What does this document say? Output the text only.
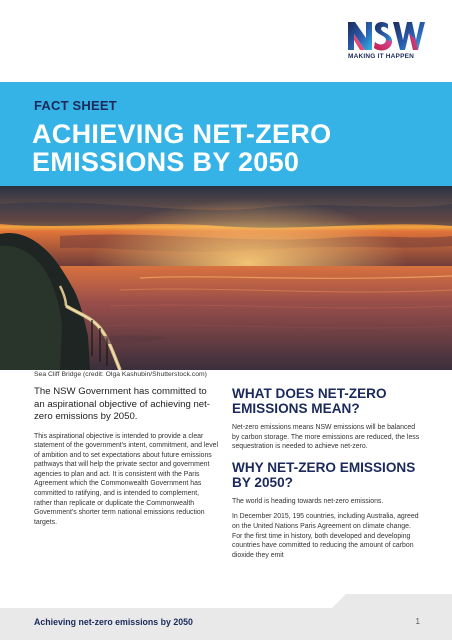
MAKING IT HAPPEN
FACT SHEET
ACHIEVING NET-ZERO
EMISSIONS BY 2050
Sea Cliff Bridge (credit: Olga Kashubin/Shutterstock.com)

The NSW Government has committed to an aspirational objective of achieving net-zero emissions by 2050.

This aspirational objective is intended to provide a clear statement of the government's intent, commitment, and level of ambition and to set expectations about future emissions pathways that will help the private sector and government agencies to plan and act. It is consistent with the Paris Agreement which the Commonwealth Government has committed to ratifying, and is intended to complement, rather than replicate or duplicate the Commonwealth Government's shorter term national emissions reduction targets.

WHAT DOES NET-ZERO EMISSIONS MEAN?

Net-zero emissions means NSW emissions will be balanced by carbon storage. The more emissions are reduced, the less sequestration is needed to achieve net-zero.

WHY NET-ZERO EMISSIONS BY 2050?

The world is heading towards net-zero emissions.

In December 2015, 195 countries, including Australia, agreed on the United Nations Paris Agreement on climate change. For the first time in history, both developed and developing countries have committed to reducing the amount of carbon dioxide they emit

Achieving net-zero emissions by 2050	1
